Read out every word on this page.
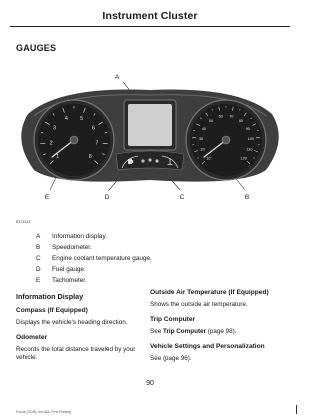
Instrument Cluster
GAUGES
A
E	D	C	B
1
2
3
4 5
6
7
8	10
20
30
40
50
60 70
80
90
100
110
120
E171213
A Information display.
B Speedometer.
C Engine coolant temperature gauge.
D Fuel gauge.
E Tachometer.
Information Display
Compass (If Equipped)
Displays the vehicle's heading direction.
Odometer
Records the total distance traveled by your vehicle.
Outside Air Temperature (If Equipped)
Shows the outside air temperature.
Trip Computer
See Trip Computer (page 98).
Vehicle Settings and Personalization
See (page 96).
90
Focus (CDH), enUSA, First Printing
